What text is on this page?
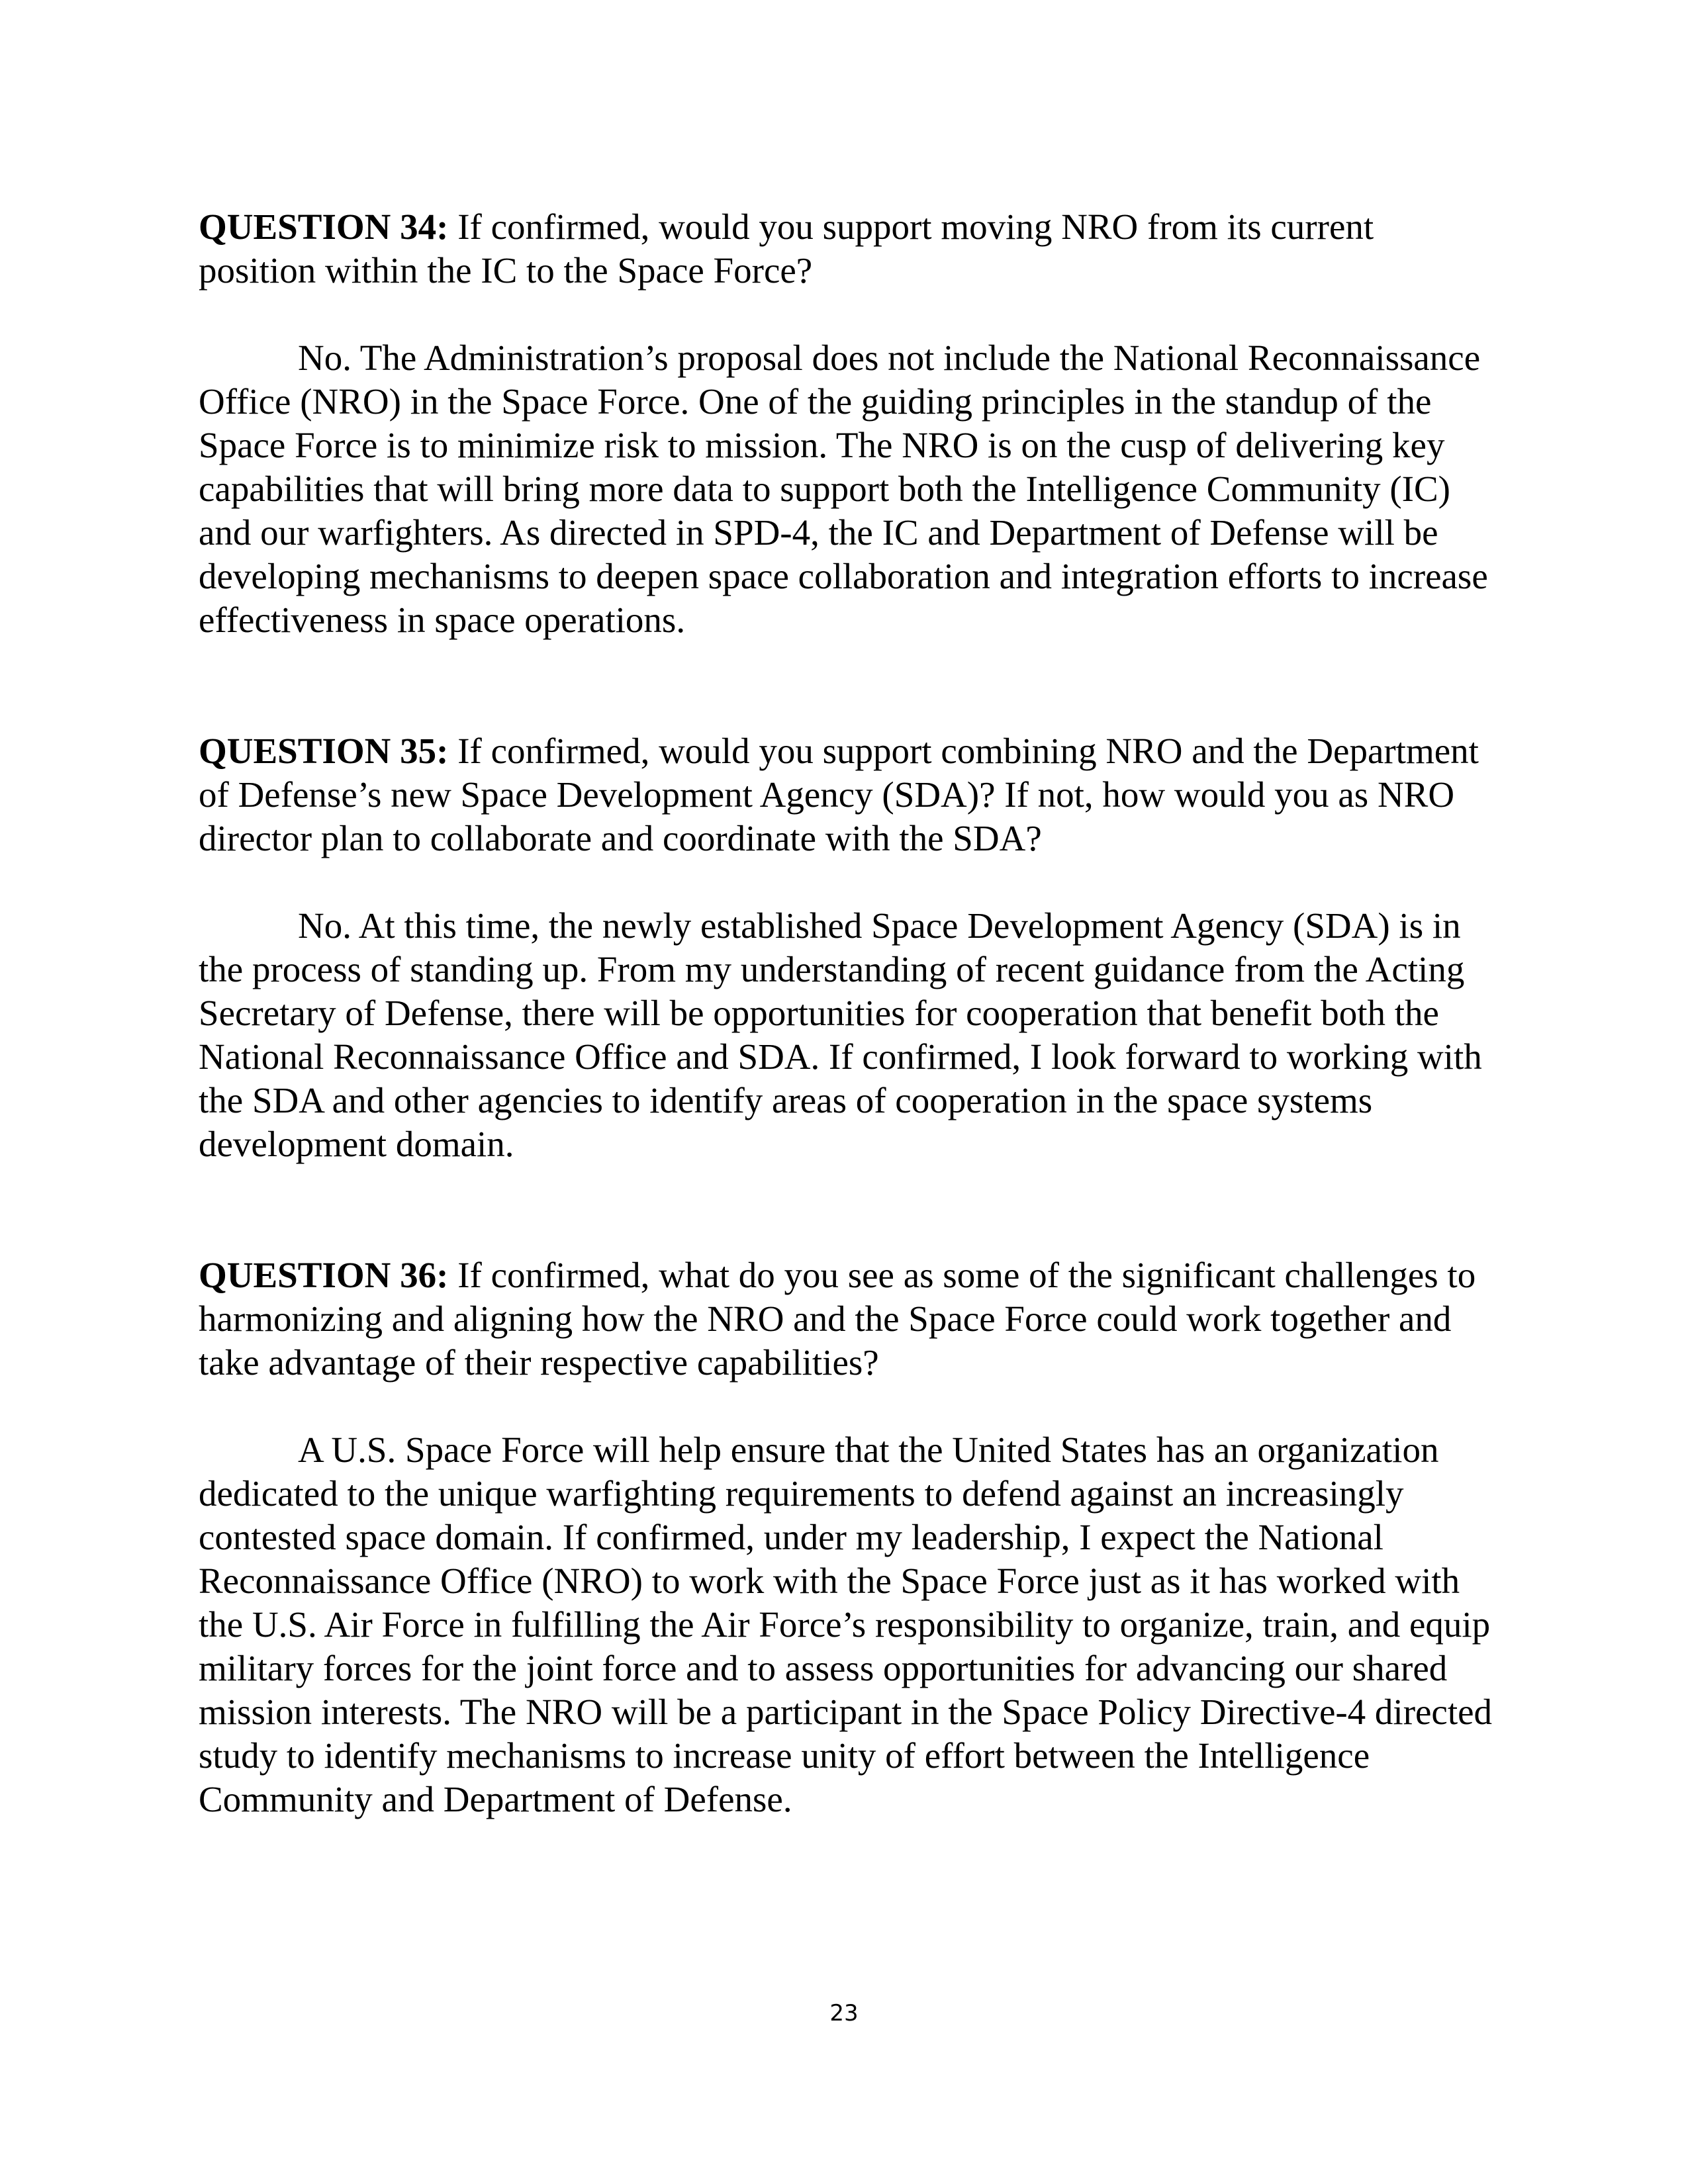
QUESTION 34: If confirmed, would you support moving NRO from its current position within the IC to the Space Force?

No. The Administration’s proposal does not include the National Reconnaissance Office (NRO) in the Space Force. One of the guiding principles in the standup of the Space Force is to minimize risk to mission. The NRO is on the cusp of delivering key capabilities that will bring more data to support both the Intelligence Community (IC) and our warfighters. As directed in SPD-4, the IC and Department of Defense will be developing mechanisms to deepen space collaboration and integration efforts to increase effectiveness in space operations.

QUESTION 35: If confirmed, would you support combining NRO and the Department of Defense’s new Space Development Agency (SDA)? If not, how would you as NRO director plan to collaborate and coordinate with the SDA?

No. At this time, the newly established Space Development Agency (SDA) is in the process of standing up. From my understanding of recent guidance from the Acting Secretary of Defense, there will be opportunities for cooperation that benefit both the National Reconnaissance Office and SDA. If confirmed, I look forward to working with the SDA and other agencies to identify areas of cooperation in the space systems development domain.

QUESTION 36: If confirmed, what do you see as some of the significant challenges to harmonizing and aligning how the NRO and the Space Force could work together and take advantage of their respective capabilities?

A U.S. Space Force will help ensure that the United States has an organization dedicated to the unique warfighting requirements to defend against an increasingly contested space domain. If confirmed, under my leadership, I expect the National Reconnaissance Office (NRO) to work with the Space Force just as it has worked with the U.S. Air Force in fulfilling the Air Force’s responsibility to organize, train, and equip military forces for the joint force and to assess opportunities for advancing our shared mission interests. The NRO will be a participant in the Space Policy Directive-4 directed study to identify mechanisms to increase unity of effort between the Intelligence Community and Department of Defense.

23
